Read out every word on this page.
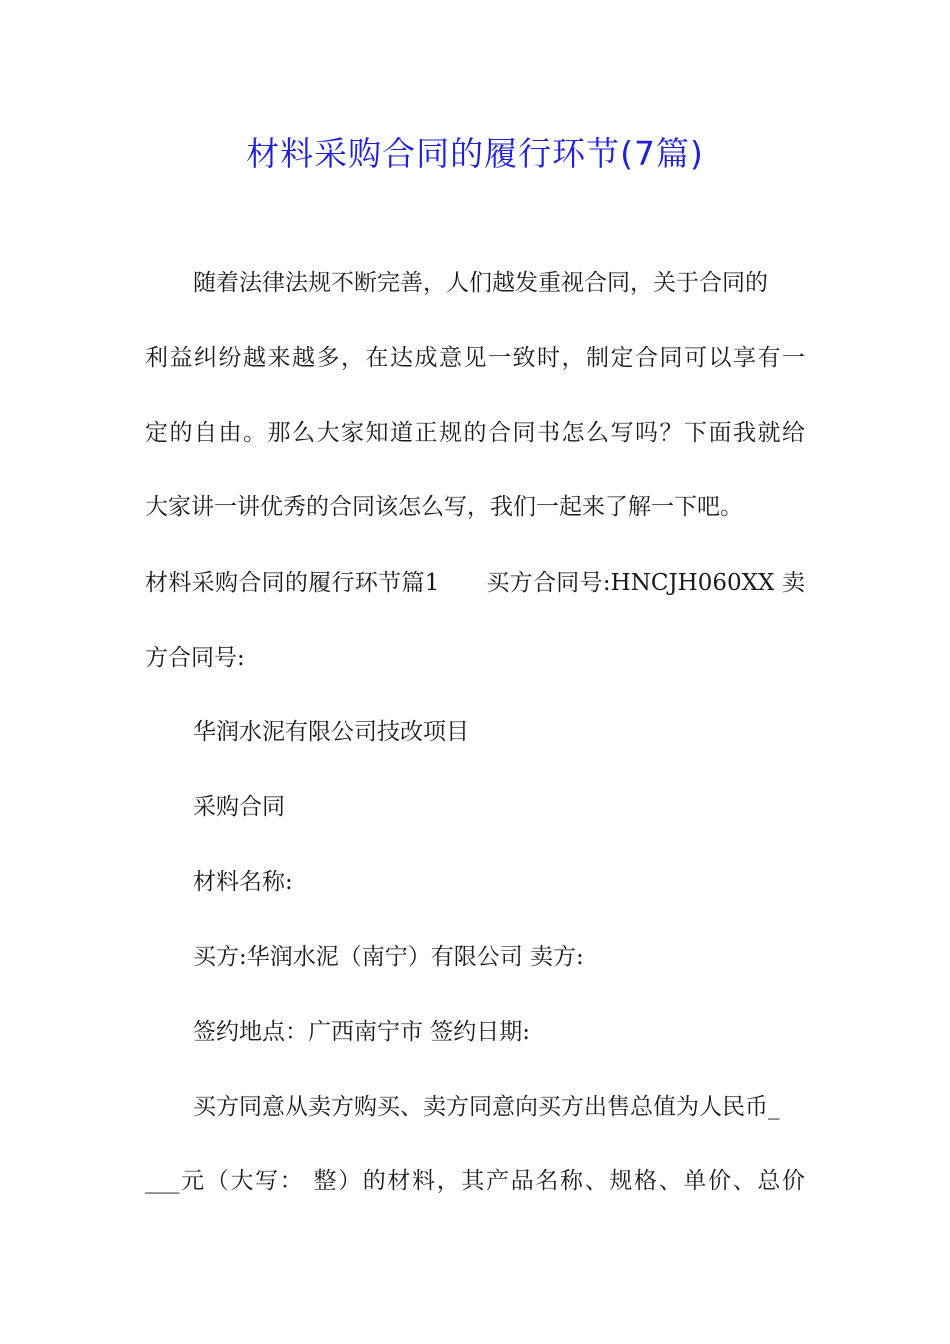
材料采购合同的履行环节(7篇)
随着法律法规不断完善，人们越发重视合同，关于合同的
利益纠纷越来越多，在达成意见一致时，制定合同可以享有一
定的自由。那么大家知道正规的合同书怎么写吗？下面我就给
大家讲一讲优秀的合同该怎么写，我们一起来了解一下吧。
材料采购合同的履行环节篇1　　买方合同号:HNCJH060XX 卖
方合同号:
华润水泥有限公司技改项目
采购合同
材料名称:
买方:华润水泥（南宁）有限公司 卖方:
签约地点：广西南宁市 签约日期:
买方同意从卖方购买、卖方同意向买方出售总值为人民币_
___元（大写： 整）的材料，其产品名称、规格、单价、总价
